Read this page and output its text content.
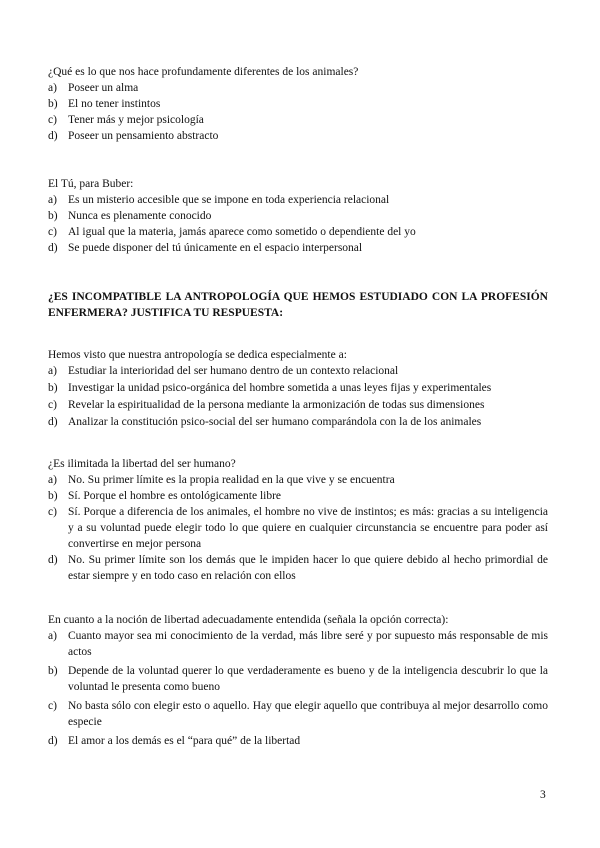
¿Qué es lo que nos hace profundamente diferentes de los animales?

a) Poseer un alma
b) El no tener instintos
c) Tener más y mejor psicología
d) Poseer un pensamiento abstracto

El Tú, para Buber:

a) Es un misterio accesible que se impone en toda experiencia relacional
b) Nunca es plenamente conocido
c) Al igual que la materia, jamás aparece como sometido o dependiente del yo
d) Se puede disponer del tú únicamente en el espacio interpersonal

¿ES INCOMPATIBLE LA ANTROPOLOGÍA QUE HEMOS ESTUDIADO CON LA PROFESIÓN ENFERMERA? JUSTIFICA TU RESPUESTA:

Hemos visto que nuestra antropología se dedica especialmente a:

a) Estudiar la interioridad del ser humano dentro de un contexto relacional
b) Investigar la unidad psico-orgánica del hombre sometida a unas leyes fijas y experimentales
c) Revelar la espiritualidad de la persona mediante la armonización de todas sus dimensiones
d) Analizar la constitución psico-social del ser humano comparándola con la de los animales

¿Es ilimitada la libertad del ser humano?

a) No. Su primer límite es la propia realidad en la que vive y se encuentra
b) Sí. Porque el hombre es ontológicamente libre
c) Sí. Porque a diferencia de los animales, el hombre no vive de instintos; es más: gracias a su inteligencia y a su voluntad puede elegir todo lo que quiere en cualquier circunstancia se encuentre para poder así convertirse en mejor persona
d) No. Su primer límite son los demás que le impiden hacer lo que quiere debido al hecho primordial de estar siempre y en todo caso en relación con ellos

En cuanto a la noción de libertad adecuadamente entendida (señala la opción correcta):

a) Cuanto mayor sea mi conocimiento de la verdad, más libre seré y por supuesto más responsable de mis actos
b) Depende de la voluntad querer lo que verdaderamente es bueno y de la inteligencia descubrir lo que la voluntad le presenta como bueno
c) No basta sólo con elegir esto o aquello. Hay que elegir aquello que contribuya al mejor desarrollo como especie
d) El amor a los demás es el “para qué” de la libertad
3
